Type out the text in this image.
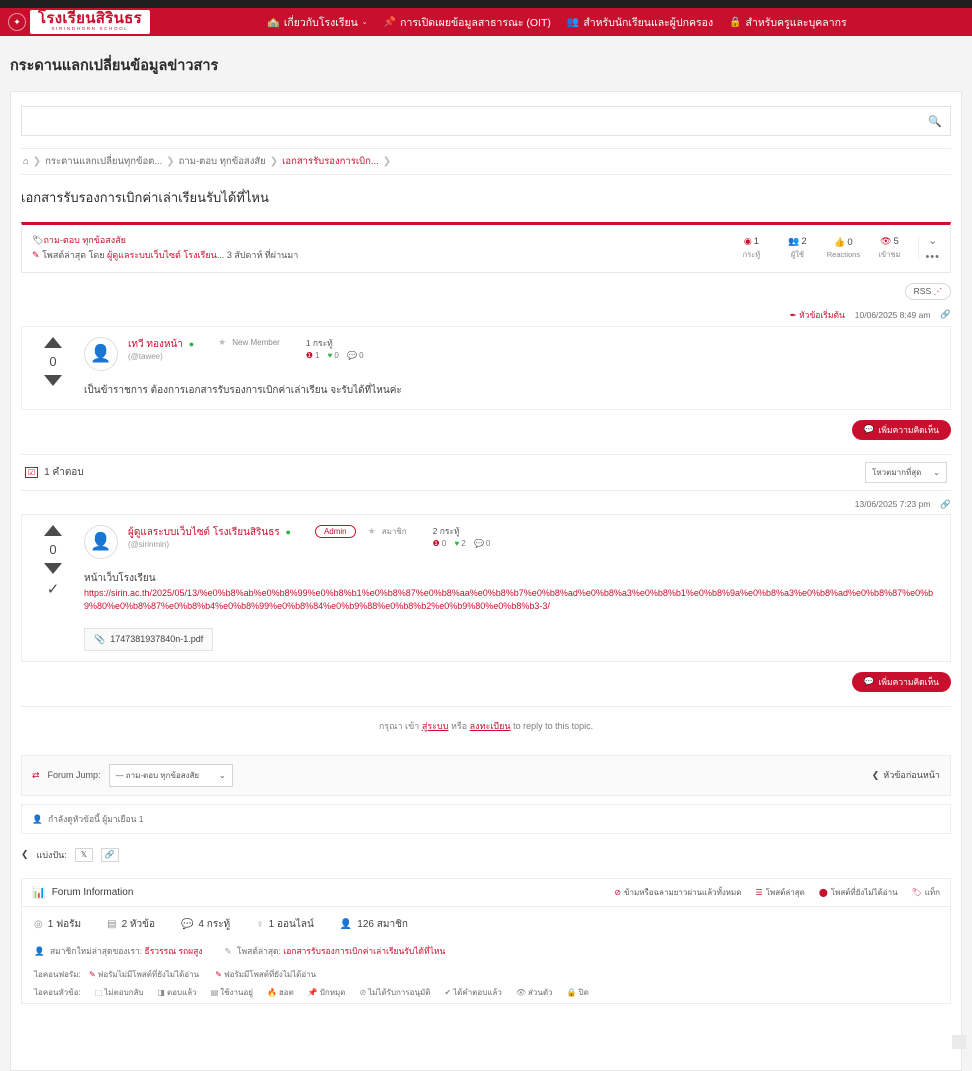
✦	โรงเรียนสิรินธร
SIRINDHORN SCHOOL
🏫 เกี่ยวกับโรงเรียน ⌄ 📌 การเปิดเผยข้อมูลสาธารณะ (OIT) 👥 สำหรับนักเรียนและผู้ปกครอง 🔒 สำหรับครูและบุคลากร
กระดานแลกเปลี่ยนข้อมูลข่าวสาร
🔍
⌂ ❯ กระดานแลกเปลี่ยนทุกข้อต... ❯ ถาม-ตอบ ทุกข้อสงสัย ❯ เอกสารรับรองการเบิก... ❯
เอกสารรับรองการเบิกค่าเล่าเรียนรับได้ที่ไหน
🏷ถาม-ตอบ ทุกข้อสงสัย
✎ โพสต์ล่าสุด โดย ผู้ดูแลระบบเว็บไซต์ โรงเรียน... 3 สัปดาห์ ที่ผ่านมา
◉ 1
กระทู้
👥 2
ผู้ใช้
👍 0
Reactions
👁 5
เข้าชม
⌄
•••
RSS ⋰
✒ หัวข้อเริ่มต้น 10/06/2025 8:49 am 🔗
0	👤	เทวี ทองหน้า ●
(@tawee)
★ New Member	1 กระทู้
❶ 1
♥ 0
💬 0
เป็นข้าราชการ ต้องการเอกสารรับรองการเบิกค่าเล่าเรียน จะรับได้ที่ไหนค่ะ
💬 เพิ่มความคิดเห็น
☑ 1 คำตอบ	โหวตมากที่สุด ⌄
13/06/2025 7:23 pm 🔗
0
✓
👤	ผู้ดูแลระบบเว็บไซต์ โรงเรียนสิรินธร ●
(@sirinmin)
Admin	★ สมาชิก	2 กระทู้
❶ 0
♥ 2
💬 0
หน้าเว็บโรงเรียน
https://sirin.ac.th/2025/05/13/%e0%b8%ab%e0%b8%99%e0%b8%b1%e0%b8%87%e0%b8%aa%e0%b8%b7%e0%b8%ad%e0%b8%a3%e0%b8%b1%e0%b8%9a%e0%b8%a3%e0%b8%ad%e0%b8%87%e0%b9%80%e0%b8%87%e0%b8%b4%e0%b8%99%e0%b8%84%e0%b9%88%e0%b8%b2%e0%b9%80%e0%b8%b3-3/
📎 1747381937840n-1.pdf
💬 เพิ่มความคิดเห็น
กรุณา เข้า สู่ระบบ หรือ ลงทะเบียน to reply to this topic.
⇄ Forum Jump: — ถาม-ตอบ ทุกข้อสงสัย ⌄	❮ หัวข้อก่อนหน้า
👤 กำลังดูหัวข้อนี้ ผู้มาเยือน 1
❮ แบ่งปัน:	𝕏	🔗
📊 Forum Information	⊘ ข้ามหรือฉลามยาวผ่านแล้วทั้งหมด ☰ โพสต์ล่าสุด ⬤ โพสต์ที่ยังไม่ได้อ่าน 🏷 แท็ก
◎ 1 ฟอรัม	▤ 2 หัวข้อ	💬 4 กระทู้	♀ 1 ออนไลน์	👤 126 สมาชิก
👤 สมาชิกใหม่ล่าสุดของเรา: ธีรวรรณ รถผสูง	✎ โพสต์ล่าสุด: เอกสารรับรองการเบิกค่าเล่าเรียนรับได้ที่ไหน
ไอคอนฟอรัม: ✎ ฟอรัมไม่มีโพสต์ที่ยังไม่ได้อ่าน ✎ ฟอรัมมีโพสต์ที่ยังไม่ได้อ่าน
ไอคอนหัวข้อ: ⬚ ไม่ตอบกลับ ◨ ตอบแล้ว ▤ ใช้งานอยู่ 🔥 ฮอต 📌 ปักหมุด ⊘ ไม่ได้รับการอนุมัติ ✔ ได้คำตอบแล้ว 👁 ส่วนตัว 🔒 ปิด
